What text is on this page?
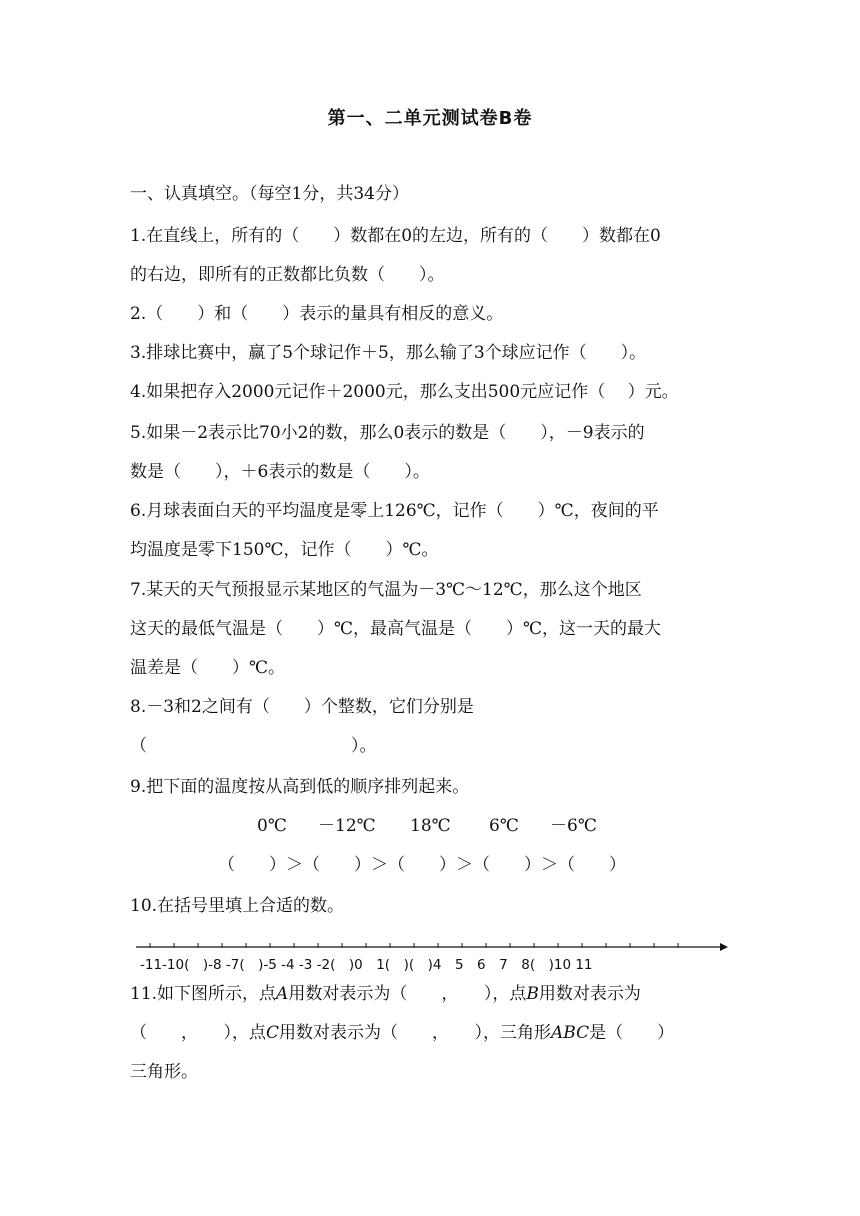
第一、二单元测试卷B卷
一、认真填空。（每空1分，共34分）
1.在直线上，所有的（　　）数都在0的左边，所有的（　　）数都在0
的右边，即所有的正数都比负数（　　）。
2.（　　）和（　　）表示的量具有相反的意义。
3.排球比赛中，赢了5个球记作＋5，那么输了3个球应记作（　　）。
4.如果把存入2000元记作＋2000元，那么支出500元应记作（　 ）元。
5.如果－2表示比70小2的数，那么0表示的数是（　　），－9表示的
数是（　　），＋6表示的数是（　　）。
6.月球表面白天的平均温度是零上126℃，记作（　　）℃，夜间的平
均温度是零下150℃，记作（　　）℃。
7.某天的天气预报显示某地区的气温为－3℃～12℃，那么这个地区
这天的最低气温是（　　）℃，最高气温是（　　）℃，这一天的最大
温差是（　　）℃。
8.－3和2之间有（　　）个整数，它们分别是
（　　　　　　　　　　　　）。
9.把下面的温度按从高到低的顺序排列起来。
0℃ －12℃ 18℃ 6℃ －6℃
（　　）＞（　　）＞（　　）＞（　　）＞（　　）
10.在括号里填上合适的数。
-11-10(　)-8 -7(　)-5 -4 -3 -2(　)0　1(　)(　)4　5　6　7　8(　)10 11
11.如下图所示，点A用数对表示为（　　，　　），点B用数对表示为
（　　，　　），点C用数对表示为（　　，　　），三角形ABC是（　　）
三角形。
